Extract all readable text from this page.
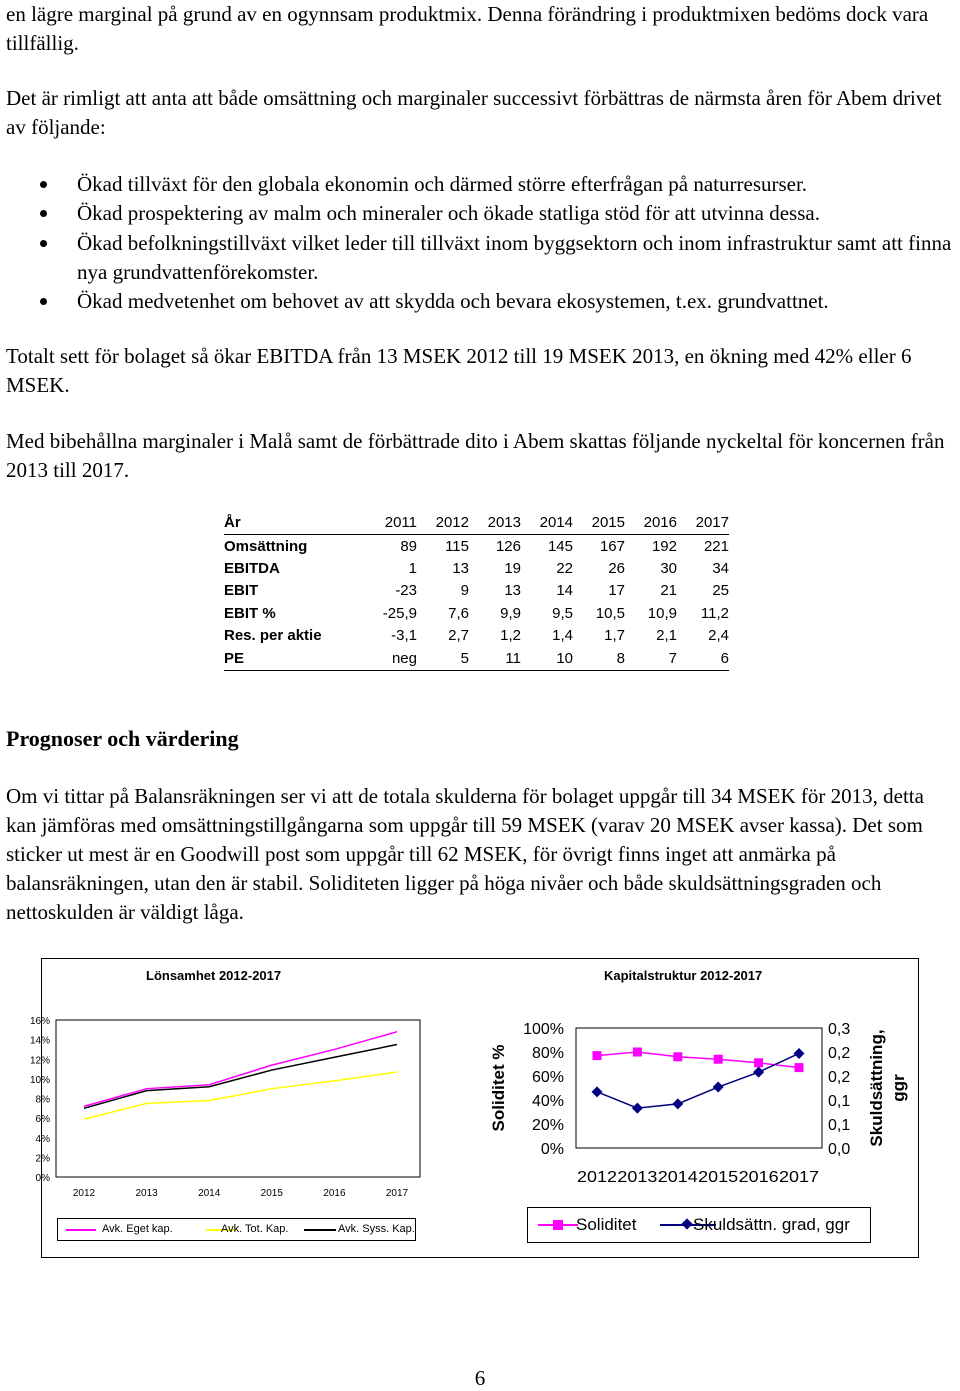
en lägre marginal på grund av en ogynnsam produktmix. Denna förändring i produktmixen bedöms dock vara tillfällig.

Det är rimligt att anta att både omsättning och marginaler successivt förbättras de närmsta åren för Abem drivet av följande:

Ökad tillväxt för den globala ekonomin och därmed större efterfrågan på naturresurser.
Ökad prospektering av malm och mineraler och ökade statliga stöd för att utvinna dessa.
Ökad befolkningstillväxt vilket leder till tillväxt inom byggsektorn och inom infrastruktur samt att finna nya grundvattenförekomster.
Ökad medvetenhet om behovet av att skydda och bevara ekosystemen, t.ex. grundvattnet.

Totalt sett för bolaget så ökar EBITDA från 13 MSEK 2012 till 19 MSEK 2013, en ökning med 42% eller 6 MSEK.

Med bibehållna marginaler i Malå samt de förbättrade dito i Abem skattas följande nyckeltal för koncernen från 2013 till 2017.

År	2011	2012	2013	2014	2015	2016	2017
Omsättning	89	115	126	145	167	192	221
EBITDA	1	13	19	22	26	30	34
EBIT	-23	9	13	14	17	21	25
EBIT %	-25,9	7,6	9,9	9,5	10,5	10,9	11,2
Res. per aktie	-3,1	2,7	1,2	1,4	1,7	2,1	2,4
PE	neg	5	11	10	8	7	6
Prognoser och värdering

Om vi tittar på Balansräkningen ser vi att de totala skulderna för bolaget uppgår till 34 MSEK för 2013, detta kan jämföras med omsättningstillgångarna som uppgår till 59 MSEK (varav 20 MSEK avser kassa). Det som sticker ut mest är en Goodwill post som uppgår till 62 MSEK, för övrigt finns inget att anmärka på balansräkningen, utan den är stabil. Soliditeten ligger på höga nivåer och både skuldsättningsgraden och nettoskulden är väldigt låga.

Lönsamhet 2012-2017	Kapitalstruktur 2012-2017
0%
2%
4%
6%
8%
10%
12%
14%
16%
2012	2013	2014	2015	2016	2017
0%
20%
40%
60%
80%
100%
0,0
0,1
0,1
0,2
0,2
0,3
2012 2013 2014 2015 2016 2017
Soliditet %	Skuldsättning, ggr
Avk. Eget kap.	Avk. Tot. Kap.	Avk. Syss. Kap.	Soliditet	Skuldsättn. grad, ggr
6
